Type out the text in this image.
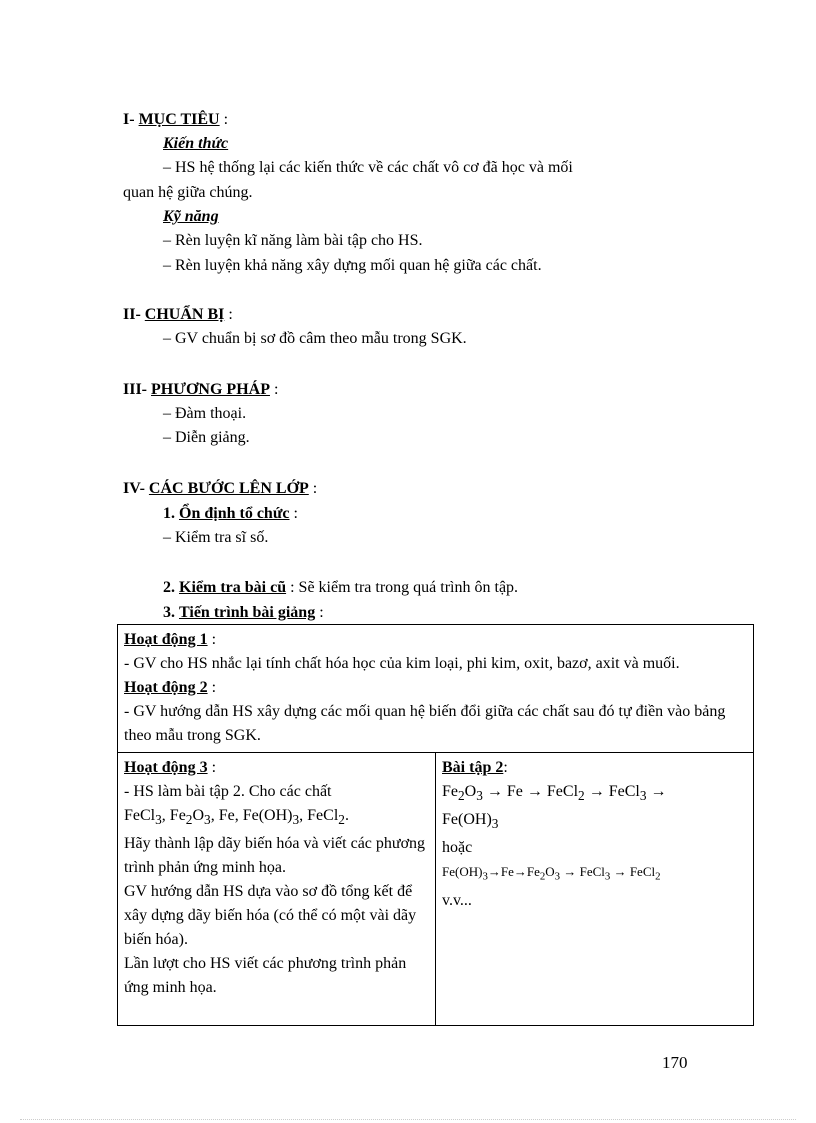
I- MỤC TIÊU :
Kiến thức
– HS hệ thống lại các kiến thức về các chất vô cơ đã học và mối
quan hệ giữa chúng.
Kỹ năng
– Rèn luyện kĩ năng làm bài tập cho HS.
– Rèn luyện khả năng xây dựng mối quan hệ giữa các chất.
II- CHUẨN BỊ :
– GV chuẩn bị sơ đồ câm theo mẫu trong SGK.
III- PHƯƠNG PHÁP :
– Đàm thoại.
– Diễn giảng.
IV- CÁC BƯỚC LÊN LỚP :
1. Ổn định tổ chức :
– Kiểm tra sĩ số.
2. Kiểm tra bài cũ : Sẽ kiểm tra trong quá trình ôn tập.
3. Tiến trình bài giảng :
Hoạt động 1 :
- GV cho HS nhắc lại tính chất hóa học của kim loại, phi kim, oxit, bazơ, axit và muối.
Hoạt động 2 :
- GV hướng dẫn HS xây dựng các mối quan hệ biến đổi giữa các chất sau đó tự điền vào bảng theo mẫu trong SGK.

Hoạt động 3 :
- HS làm bài tập 2. Cho các chất
FeCl$_3$, $Fe_2O_3$, Fe, $Fe(OH)_3$, FeCl$_2$.
Hãy thành lập dãy biến hóa và viết các phương trình phản ứng minh họa.
GV hướng dẫn HS dựa vào sơ đồ tổng kết để xây dựng dãy biến hóa (có thể có một vài dãy biến hóa).
Lần lượt cho HS viết các phương trình phản ứng minh họa.

Bài tập 2:
$Fe_2O_3 \to Fe$ → FeCl$_2$ → FeCl$_3$ →
$Fe(OH)_3$
hoặc
$Fe(OH)_3\to Fe\to Fe_2O_3$ → FeCl$_3$ → FeCl$_2$
v.v...
170
